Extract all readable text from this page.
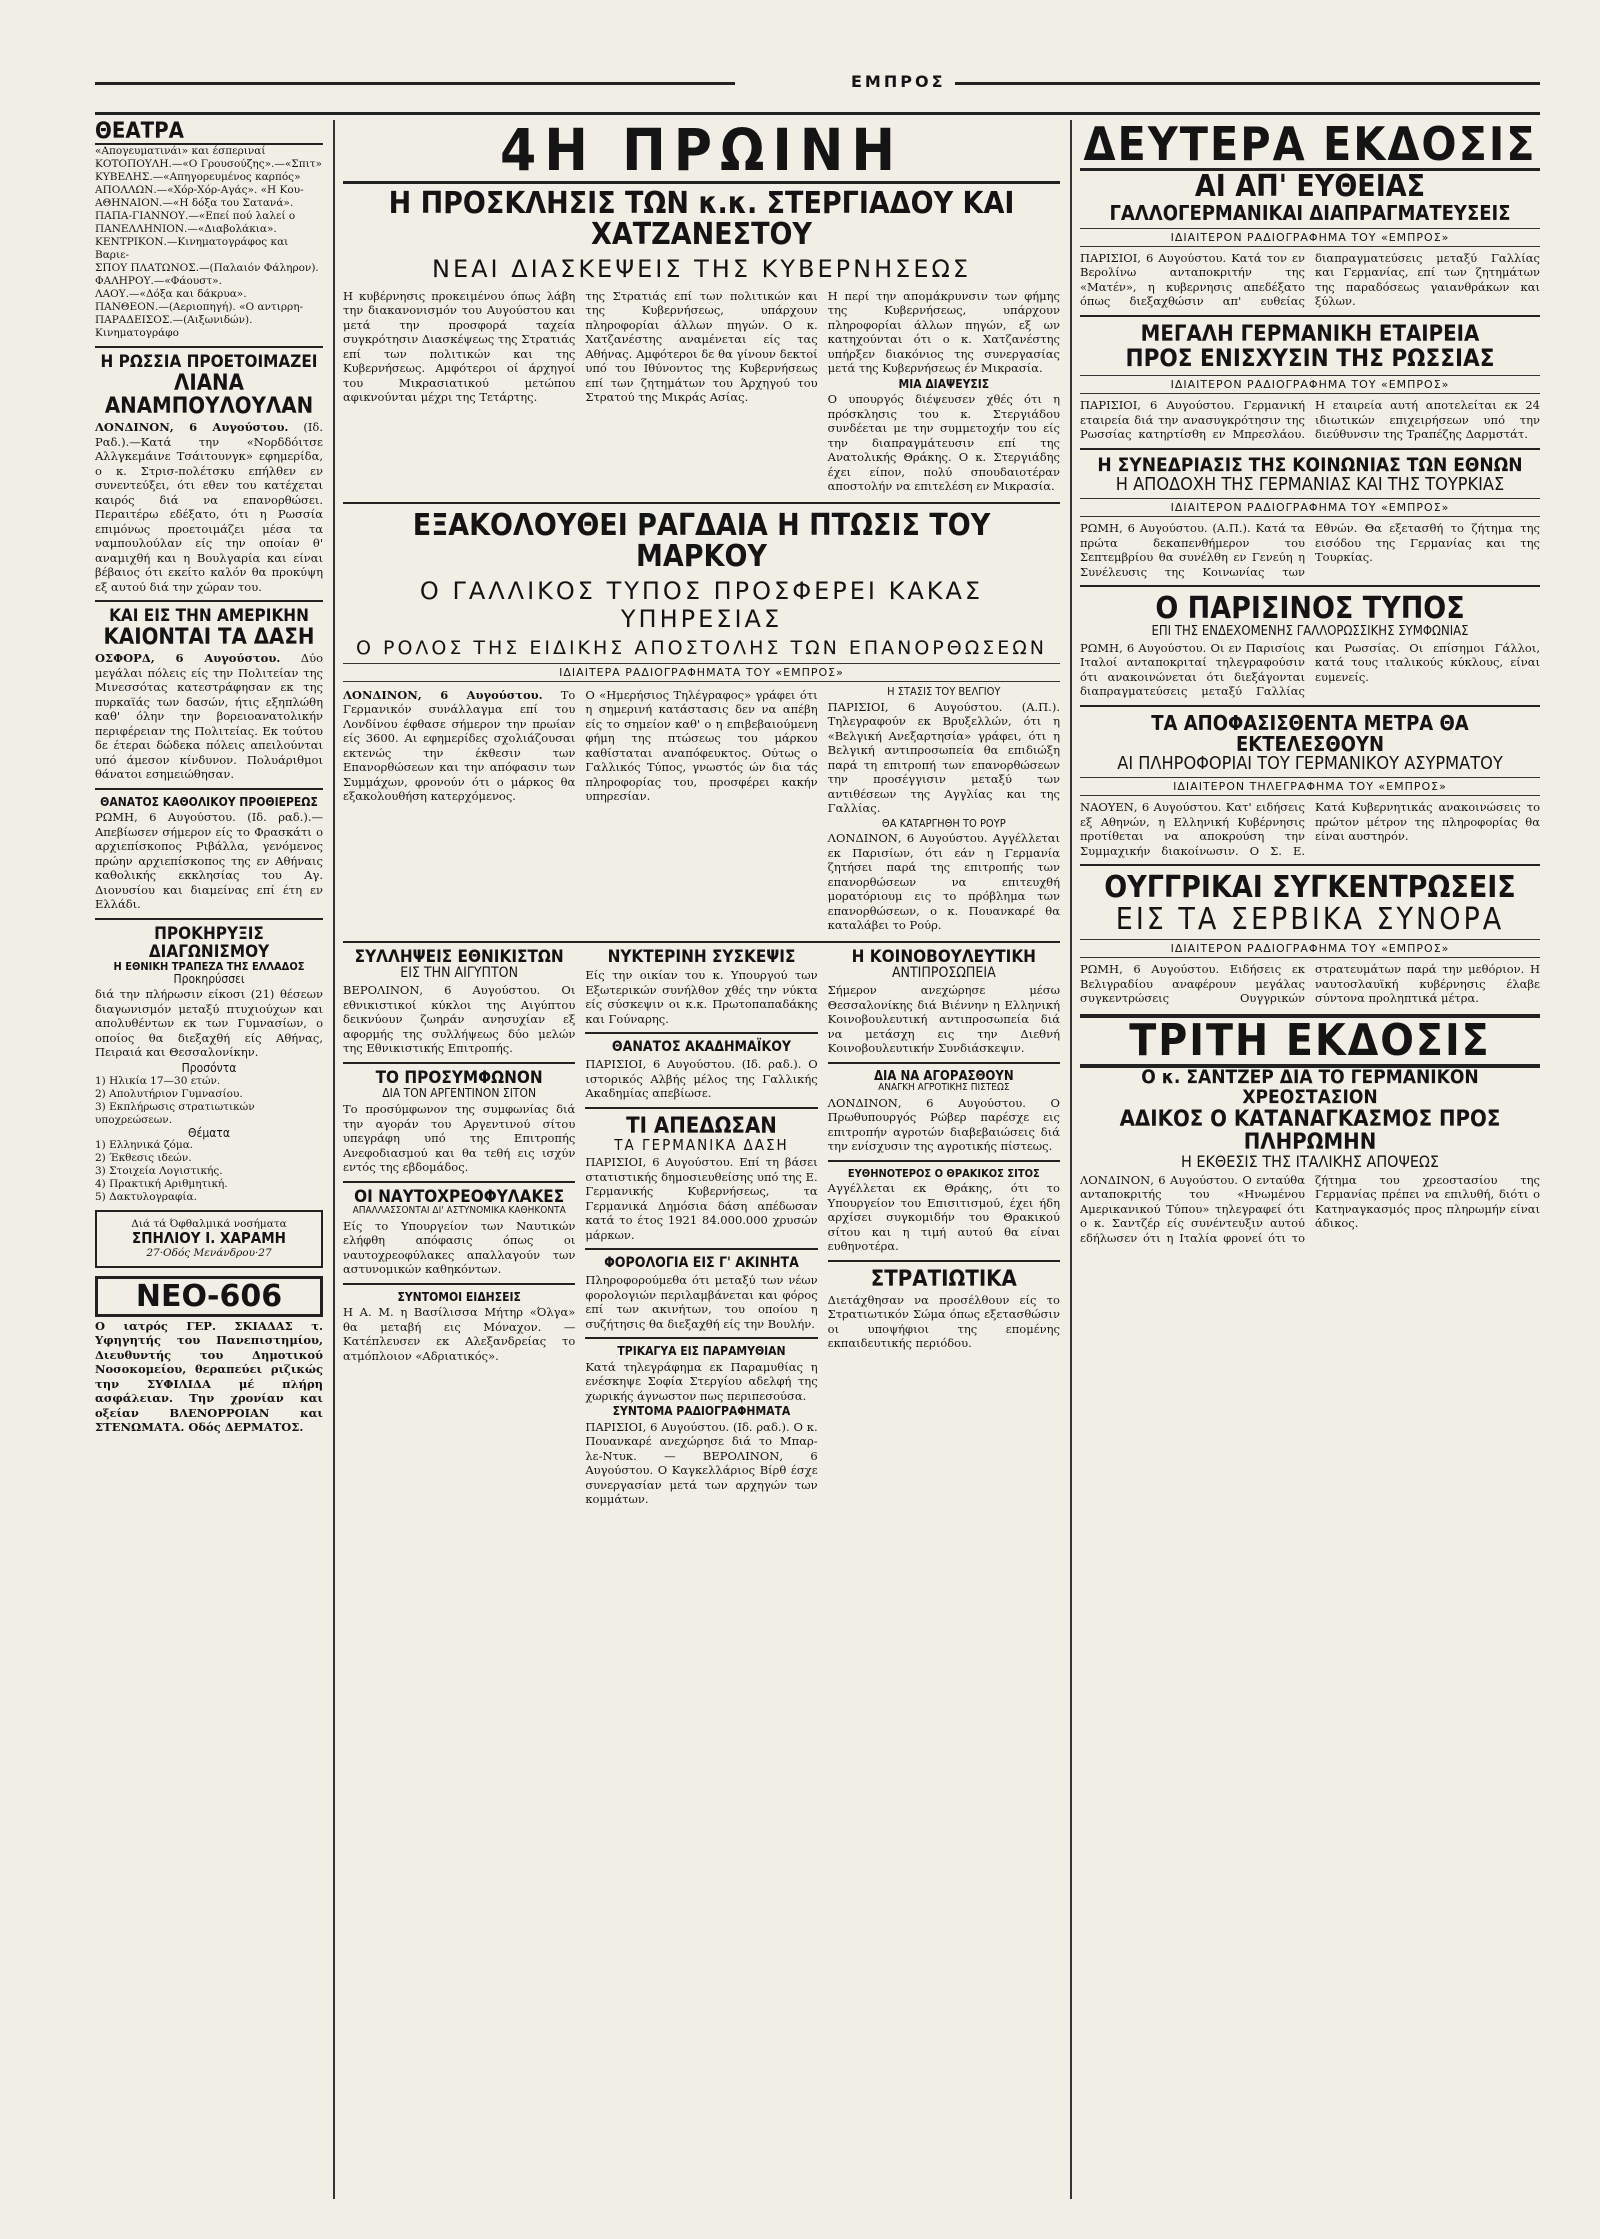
ΕΜΠΡΟΣ
ΘΕΑΤΡΑ
«Απογευματινάι» και έσπεριναί
ΚΟΤΟΠΟΥΛΗ.—«Ο Γρουσούζης».—«Σπιτ»
ΚΥΒΕΛΗΣ.—«Απηγορευμένος καρπός»
ΑΠΟΛΛΩΝ.—«Χόρ-Χόρ-Αγάς». «Η Κου-
ΑΘΗΝΑΙΟΝ.—«Η δόξα του Σατανά».
ΠΑΠΑ-ΓΙΑΝΝΟΥ.—«Επεί πού λαλεί ο
ΠΑΝΕΛΛΗΝΙΟΝ.—«Διαβολάκια».
ΚΕΝΤΡΙΚΟΝ.—Κινηματογράφος και Βαριε-
ΣΠΟΥ ΠΛΑΤΩΝΟΣ.—(Παλαιόν Φάληρον).
ΦΑΛΗΡΟΥ.—«Φάουστ».
ΛΑΟΥ.—«Δόξα και δάκρυα».
ΠΑΝΘΕΟΝ.—(Αεριοπηγή). «Ο αντιρρη-
ΠΑΡΑΔΕΙΣΟΣ.—(Αιξωνιδών). Κινηματογράφο
Η ΡΩΣΣΙΑ ΠΡΟΕΤΟΙΜΑΖΕΙ
ΛΙΑΝΑ ΑΝΑΜΠΟΥΛΟΥΛΑΝ
ΛΟΝΔΙΝΟΝ, 6 Αυγούστου. (Ιδ. Ραδ.).—Κατά την «Νορδδόιτσε Αλλγκεμάινε Τσάιτουνγκ» εφημερίδα, ο κ. Στρισ-πολέτσκυ επήλθεν εν συνεντεύξει, ότι εθεν του κατέχεται καιρός διά να επανορθώσει. Περαιτέρω εδέξατο, ότι η Ρωσσία επιμόνως προετοιμάζει μέσα τα ναμπουλούλαν είς την οποίαν θ' αναμιχθή και η Βουλγαρία και είναι βέβαιος ότι εκείτο καλόν θα προκύψη εξ αυτού διά την χώραν του.
ΚΑΙ ΕΙΣ ΤΗΝ ΑΜΕΡΙΚΗΝ
ΚΑΙΟΝΤΑΙ ΤΑ ΔΑΣΗ
ΟΣΦΟΡΔ, 6 Αυγούστου. Δύο μεγάλαι πόλεις είς την Πολιτείαν της Μινεσσότας κατεστράφησαν εκ της πυρκαϊάς των δασών, ήτις εξηπλώθη καθ' όλην την βορειοανατολικήν περιφέρειαν της Πολιτείας. Εκ τούτου δε έτεραι δώδεκα πόλεις απειλούνται υπό άμεσον κίνδυνον. Πολυάριθμοι θάνατοι εσημειώθησαν.
ΘΑΝΑΤΟΣ ΚΑΘΟΛΙΚΟΥ ΠΡΟΘΙΕΡΕΩΣ
ΡΩΜΗ, 6 Αυγούστου. (Ιδ. ραδ.).—Απεβίωσεν σήμερον είς το Φρασκάτι ο αρχιεπίσκοπος Ριβάλλα, γενόμενος πρώην αρχιεπίσκοπος της εν Αθήναις καθολικής εκκλησίας του Αγ. Διονυσίου και διαμείνας επί έτη εν Ελλάδι.
ΠΡΟΚΗΡΥΞΙΣ ΔΙΑΓΩΝΙΣΜΟΥ
Η ΕΘΝΙΚΗ ΤΡΑΠΕΖΑ ΤΗΣ ΕΛΛΑΔΟΣ
Προκηρύσσει
διά την πλήρωσιν είκοσι (21) θέσεων διαγωνισμόν μεταξύ πτυχιούχων και απολυθέντων εκ των Γυμνασίων, ο οποίος θα διεξαχθή είς Αθήνας, Πειραιά και Θεσσαλονίκην.
Προσόντα
1) Ηλικία 17—30 ετών.
2) Απολυτήριον Γυμνασίου.
3) Εκπλήρωσις στρατιωτικών υποχρεώσεων.
Θέματα
1) Ελληνικά ζόμα.
2) Έκθεσις ιδεών.
3) Στοιχεία Λογιστικής.
4) Πρακτική Αριθμητική.
5) Δακτυλογραφία.
Διά τά Όφθαλμικά νοσήματα
ΣΠΗΛΙΟΥ Ι. ΧΑΡΑΜΗ
27·Οδός Μενάνδρου·27
ΝΕΟ-606
Ο ιατρός ΓΕΡ. ΣΚΙΑΔΑΣ τ. Υφηγητής του Πανεπιστημίου, Διευθυντής του Δημοτικού Νοσοκομείου, θεραπεύει ριζικώς την ΣΥΦΙΛΙΔΑ μέ πλήρη ασφάλειαν. Την χρονίαν και οξείαν ΒΛΕΝΟΡΡΟΙΑΝ και ΣΤΕΝΩΜΑΤΑ. Οδός ΔΕΡΜΑΤΟΣ.
4Η ΠΡΩΙΝΗ
Η ΠΡΟΣΚΛΗΣΙΣ ΤΩΝ κ.κ. ΣΤΕΡΓΙΑΔΟΥ ΚΑΙ ΧΑΤΖΑΝΕΣΤΟΥ
ΝΕΑΙ ΔΙΑΣΚΕΨΕΙΣ ΤΗΣ ΚΥΒΕΡΝΗΣΕΩΣ
Η κυβέρνησις προκειμένου όπως λάβη την διακανονισμόν του Αυγούστου και μετά την προσφορά ταχεία συγκρότησιν Διασκέψεως της Στρατιάς επί των πολιτικών και της Κυβερνήσεως. Αμφότεροι οί άρχηγοί του Μικρασιατικού μετώπου αφικνούνται μέχρι της Τετάρτης.
της Στρατιάς επί των πολιτικών και της Κυβερνήσεως, υπάρχουν πληροφορίαι άλλων πηγών. Ο κ. Χατζανέστης αναμένεται είς τας Αθήνας. Αμφότεροι δε θα γίνουν δεκτοί υπό του Ιθύνοντος της Κυβερνήσεως επί των ζητημάτων του Άρχηγού του Στρατού της Μικράς Ασίας.
Η περί την απομάκρυνσιν των φήμης της Κυβερνήσεως, υπάρχουν πληροφορίαι άλλων πηγών, εξ ων κατηχούνται ότι ο κ. Χατζανέστης υπήρξεν διακόνιος της συνεργασίας μετά της Κυβερνήσεως έν Μικρασία.
ΜΙΑ ΔΙΑΨΕΥΣΙΣ
Ο υπουργός διέψευσεν χθές ότι η πρόσκλησις του κ. Στεργιάδου συνδέεται με την συμμετοχήν του είς την διαπραγμάτευσιν επί της Ανατολικής Θράκης. Ο κ. Στεργιάδης έχει είπον, πολύ σπουδαιοτέραν αποστολήν να επιτελέση εν Μικρασία.
ΕΞΑΚΟΛΟΥΘΕΙ ΡΑΓΔΑΙΑ Η ΠΤΩΣΙΣ ΤΟΥ ΜΑΡΚΟΥ
Ο ΓΑΛΛΙΚΟΣ ΤΥΠΟΣ ΠΡΟΣΦΕΡΕΙ ΚΑΚΑΣ ΥΠΗΡΕΣΙΑΣ
Ο ΡΟΛΟΣ ΤΗΣ ΕΙΔΙΚΗΣ ΑΠΟΣΤΟΛΗΣ ΤΩΝ ΕΠΑΝΟΡΘΩΣΕΩΝ
ΙΔΙΑΙΤΕΡΑ ΡΑΔΙΟΓΡΑΦΗΜΑΤΑ ΤΟΥ «ΕΜΠΡΟΣ»
ΛΟΝΔΙΝΟΝ, 6 Αυγούστου. Το Γερμανικόν συνάλλαγμα επί του Λονδίνου έφθασε σήμερον την πρωίαν είς 3600. Αι εφημερίδες σχολιάζουσαι εκτενώς την έκθεσιν των Επανορθώσεων και την απόφασιν των Συμμάχων, φρονούν ότι ο μάρκος θα εξακολουθήση κατερχόμενος.
Ο «Ημερήσιος Τηλέγραφος» γράφει ότι η σημερινή κατάστασις δεν να απέβη είς το σημείον καθ' ο η επιβεβαιούμενη φήμη της πτώσεως του μάρκου καθίσταται αναπόφευκτος. Ούτως ο Γαλλικός Τύπος, γνωστός ών δια τάς πληροφορίας του, προσφέρει κακήν υπηρεσίαν.
Η ΣΤΑΣΙΣ ΤΟΥ ΒΕΛΓΙΟΥ
ΠΑΡΙΣΙΟΙ, 6 Αυγούστου. (Α.Π.). Τηλεγραφούν εκ Βρυξελλών, ότι η «Βελγική Ανεξαρτησία» γράφει, ότι η Βελγική αντιπροσωπεία θα επιδιώξη παρά τη επιτροπή των επανορθώσεων την προσέγγισιν μεταξύ των αντιθέσεων της Αγγλίας και της Γαλλίας.
ΘΑ ΚΑΤΑΡΓΗΘΗ ΤΟ ΡΟΥΡ
ΛΟΝΔΙΝΟΝ, 6 Αυγούστου. Αγγέλλεται εκ Παρισίων, ότι εάν η Γερμανία ζητήσει παρά της επιτροπής των επανορθώσεων να επιτευχθή μορατόριουμ εις το πρόβλημα των επανορθώσεων, ο κ. Πουανκαρέ θα καταλάβει το Ρούρ.
ΣΥΛΛΗΨΕΙΣ ΕΘΝΙΚΙΣΤΩΝ
ΕΙΣ ΤΗΝ ΑΙΓΥΠΤΟΝ
ΒΕΡΟΛΙΝΟΝ, 6 Αυγούστου. Οι εθνικιστικοί κύκλοι της Αιγύπτου δεικνύουν ζωηράν ανησυχίαν εξ αφορμής της συλλήψεως δύο μελών της Εθνικιστικής Επιτροπής.
ΤΟ ΠΡΟΣΥΜΦΩΝΟΝ
ΔΙΑ ΤΟΝ ΑΡΓΕΝΤΙΝΟΝ ΣΙΤΟΝ
Το προσύμφωνον της συμφωνίας διά την αγοράν του Αργεντινού σίτου υπεγράφη υπό της Επιτροπής Ανεφοδιασμού και θα τεθή εις ισχύν εντός της εβδομάδος.
ΟΙ ΝΑΥΤΟΧΡΕΟΦΥΛΑΚΕΣ
ΑΠΑΛΛΑΣΣΟΝΤΑΙ ΔΙ' ΑΣΤΥΝΟΜΙΚΑ ΚΑΘΗΚΟΝΤΑ
Είς το Υπουργείον των Ναυτικών ελήφθη απόφασις όπως οι ναυτοχρεοφύλακες απαλλαγούν των αστυνομικών καθηκόντων.
ΣΥΝΤΟΜΟΙ ΕΙΔΗΣΕΙΣ
Η Α. Μ. η Βασίλισσα Μήτηρ «Όλγα» θα μεταβή εις Μόναχον. — Κατέπλευσεν εκ Αλεξανδρείας το ατμόπλοιον «Αδριατικός».
ΝΥΚΤΕΡΙΝΗ ΣΥΣΚΕΨΙΣ
Είς την οικίαν του κ. Υπουργού των Εξωτερικών συνήλθον χθές την νύκτα είς σύσκεψιν οι κ.κ. Πρωτοπαπαδάκης και Γούναρης.
ΘΑΝΑΤΟΣ ΑΚΑΔΗΜΑΪΚΟΥ
ΠΑΡΙΣΙΟΙ, 6 Αυγούστου. (Ιδ. ραδ.). Ο ιστορικός Αλβής μέλος της Γαλλικής Ακαδημίας απεβίωσε.
ΤΙ ΑΠΕΔΩΣΑΝ
ΤΑ ΓΕΡΜΑΝΙΚΑ ΔΑΣΗ
ΠΑΡΙΣΙΟΙ, 6 Αυγούστου. Επί τη βάσει στατιστικής δημοσιευθείσης υπό της Ε. Γερμανικής Κυβερνήσεως, τα Γερμανικά Δημόσια δάση απέδωσαν κατά το έτος 1921 84.000.000 χρυσών μάρκων.
ΦΟΡΟΛΟΓΙΑ ΕΙΣ Γ' ΑΚΙΝΗΤΑ
Πληροφορούμεθα ότι μεταξύ των νέων φορολογιών περιλαμβάνεται και φόρος επί των ακινήτων, του οποίου η συζήτησις θα διεξαχθή είς την Βουλήν.
ΤΡΙΚΑΓΥΑ ΕΙΣ ΠΑΡΑΜΥΘΙΑΝ
Κατά τηλεγράφημα εκ Παραμυθίας η ενέσκηψε Σοφία Στεργίου αδελφή της χωρικής άγνωστον πως περιπεσούσα.
ΣΥΝΤΟΜΑ ΡΑΔΙΟΓΡΑΦΗΜΑΤΑ
ΠΑΡΙΣΙΟΙ, 6 Αυγούστου. (Ιδ. ραδ.). Ο κ. Πουανκαρέ ανεχώρησε διά το Μπαρ-λε-Ντυκ. — ΒΕΡΟΛΙΝΟΝ, 6 Αυγούστου. Ο Καγκελλάριος Βίρθ έσχε συνεργασίαν μετά των αρχηγών των κομμάτων.
Η ΚΟΙΝΟΒΟΥΛΕΥΤΙΚΗ
ΑΝΤΙΠΡΟΣΩΠΕΙΑ
Σήμερον ανεχώρησε μέσω Θεσσαλονίκης διά Βιέννην η Ελληνική Κοινοβουλευτική αντιπροσωπεία διά να μετάσχη εις την Διεθνή Κοινοβουλευτικήν Συνδιάσκεψιν.
ΔΙΑ ΝΑ ΑΓΟΡΑΣΘΟΥΝ
ΑΝΑΓΚΗ ΑΓΡΟΤΙΚΗΣ ΠΙΣΤΕΩΣ
ΛΟΝΔΙΝΟΝ, 6 Αυγούστου. Ο Πρωθυπουργός Ρώβερ παρέσχε εις επιτροπήν αγροτών διαβεβαιώσεις διά την ενίσχυσιν της αγροτικής πίστεως.
ΕΥΘΗΝΟΤΕΡΟΣ Ο ΘΡΑΚΙΚΟΣ ΣΙΤΟΣ
Αγγέλλεται εκ Θράκης, ότι το Υπουργείον του Επισιτισμού, έχει ήδη αρχίσει συγκομιδήν του Θρακικού σίτου και η τιμή αυτού θα είναι ευθηνοτέρα.
ΣΤΡΑΤΙΩΤΙΚΑ
Διετάχθησαν να προσέλθουν είς το Στρατιωτικόν Σώμα όπως εξετασθώσιν οι υποψήφιοι της επομένης εκπαιδευτικής περιόδου.
ΔΕΥΤΕΡΑ ΕΚΔΟΣΙΣ
ΑΙ ΑΠ' ΕΥΘΕΙΑΣ
ΓΑΛΛΟΓΕΡΜΑΝΙΚΑΙ ΔΙΑΠΡΑΓΜΑΤΕΥΣΕΙΣ
ΙΔΙΑΙΤΕΡΟΝ ΡΑΔΙΟΓΡΑΦΗΜΑ ΤΟΥ «ΕΜΠΡΟΣ»
ΠΑΡΙΣΙΟΙ, 6 Αυγούστου. Κατά τον εν Βερολίνω ανταποκριτήν της «Ματέν», η κυβερνησις απεδέξατο όπως διεξαχθώσιν απ' ευθείας διαπραγματεύσεις μεταξύ Γαλλίας και Γερμανίας, επί των ζητημάτων της παραδόσεως γαιανθράκων και ξύλων.
ΜΕΓΑΛΗ ΓΕΡΜΑΝΙΚΗ ΕΤΑΙΡΕΙΑ
ΠΡΟΣ ΕΝΙΣΧΥΣΙΝ ΤΗΣ ΡΩΣΣΙΑΣ
ΙΔΙΑΙΤΕΡΟΝ ΡΑΔΙΟΓΡΑΦΗΜΑ ΤΟΥ «ΕΜΠΡΟΣ»
ΠΑΡΙΣΙΟΙ, 6 Αυγούστου. Γερμανική εταιρεία διά την ανασυγκρότησιν της Ρωσσίας κατηρτίσθη εν Μπρεσλάου. Η εταιρεία αυτή αποτελείται εκ 24 ιδιωτικών επιχειρήσεων υπό την διεύθυνσιν της Τραπέζης Δαρμστάτ.
Η ΣΥΝΕΔΡΙΑΣΙΣ ΤΗΣ ΚΟΙΝΩΝΙΑΣ ΤΩΝ ΕΘΝΩΝ
Η ΑΠΟΔΟΧΗ ΤΗΣ ΓΕΡΜΑΝΙΑΣ ΚΑΙ ΤΗΣ ΤΟΥΡΚΙΑΣ
ΙΔΙΑΙΤΕΡΟΝ ΡΑΔΙΟΓΡΑΦΗΜΑ ΤΟΥ «ΕΜΠΡΟΣ»
ΡΩΜΗ, 6 Αυγούστου. (Α.Π.). Κατά τα πρώτα δεκαπενθήμερον του Σεπτεμβρίου θα συνέλθη εν Γενεύη η Συνέλευσις της Κοινωνίας των Εθνών. Θα εξετασθή το ζήτημα της εισόδου της Γερμανίας και της Τουρκίας.
Ο ΠΑΡΙΣΙΝΟΣ ΤΥΠΟΣ
ΕΠΙ ΤΗΣ ΕΝΔΕΧΟΜΕΝΗΣ ΓΑΛΛΟΡΩΣΣΙΚΗΣ ΣΥΜΦΩΝΙΑΣ
ΡΩΜΗ, 6 Αυγούστου. Οι εν Παρισίοις Ιταλοί ανταποκριταί τηλεγραφούσιν ότι ανακοινώνεται ότι διεξάγονται διαπραγματεύσεις μεταξύ Γαλλίας και Ρωσσίας. Οι επίσημοι Γάλλοι, κατά τους ιταλικούς κύκλους, είναι ευμενείς.
ΤΑ ΑΠΟΦΑΣΙΣΘΕΝΤΑ ΜΕΤΡΑ ΘΑ ΕΚΤΕΛΕΣΘΟΥΝ
ΑΙ ΠΛΗΡΟΦΟΡΙΑΙ ΤΟΥ ΓΕΡΜΑΝΙΚΟΥ ΑΣΥΡΜΑΤΟΥ
ΙΔΙΑΙΤΕΡΟΝ ΤΗΛΕΓΡΑΦΗΜΑ ΤΟΥ «ΕΜΠΡΟΣ»
ΝΑΟΥΕΝ, 6 Αυγούστου. Κατ' ειδήσεις εξ Αθηνών, η Ελληνική Κυβέρνησις προτίθεται να αποκρούση την Συμμαχικήν διακοίνωσιν. Ο Σ. Ε. Κατά Κυβερνητικάς ανακοινώσεις το πρώτον μέτρον της πληροφορίας θα είναι αυστηρόν.
ΟΥΓΓΡΙΚΑΙ ΣΥΓΚΕΝΤΡΩΣΕΙΣ
ΕΙΣ ΤΑ ΣΕΡΒΙΚΑ ΣΥΝΟΡΑ
ΙΔΙΑΙΤΕΡΟΝ ΡΑΔΙΟΓΡΑΦΗΜΑ ΤΟΥ «ΕΜΠΡΟΣ»
ΡΩΜΗ, 6 Αυγούστου. Ειδήσεις εκ Βελιγραδίου αναφέρουν μεγάλας συγκεντρώσεις Ουγγρικών στρατευμάτων παρά την μεθόριον. Η ναυτοσλαυϊκή κυβέρνησις έλαβε σύντονα προληπτικά μέτρα.
ΤΡΙΤΗ ΕΚΔΟΣΙΣ
Ο κ. ΣΑΝΤΖΕΡ ΔΙΑ ΤΟ ΓΕΡΜΑΝΙΚΟΝ ΧΡΕΟΣΤΑΣΙΟΝ
ΑΔΙΚΟΣ Ο ΚΑΤΑΝΑΓΚΑΣΜΟΣ ΠΡΟΣ ΠΛΗΡΩΜΗΝ
Η ΕΚΘΕΣΙΣ ΤΗΣ ΙΤΑΛΙΚΗΣ ΑΠΟΨΕΩΣ
ΛΟΝΔΙΝΟΝ, 6 Αυγούστου. Ο ενταύθα ανταποκριτής του «Ηνωμένου Αμερικανικού Τύπου» τηλεγραφεί ότι ο κ. Σαντζέρ είς συνέντευξιν αυτού εδήλωσεν ότι η Ιταλία φρονεί ότι το ζήτημα του χρεοστασίου της Γερμανίας πρέπει να επιλυθή, διότι ο Κατηναγκασμός προς πληρωμήν είναι άδικος.
